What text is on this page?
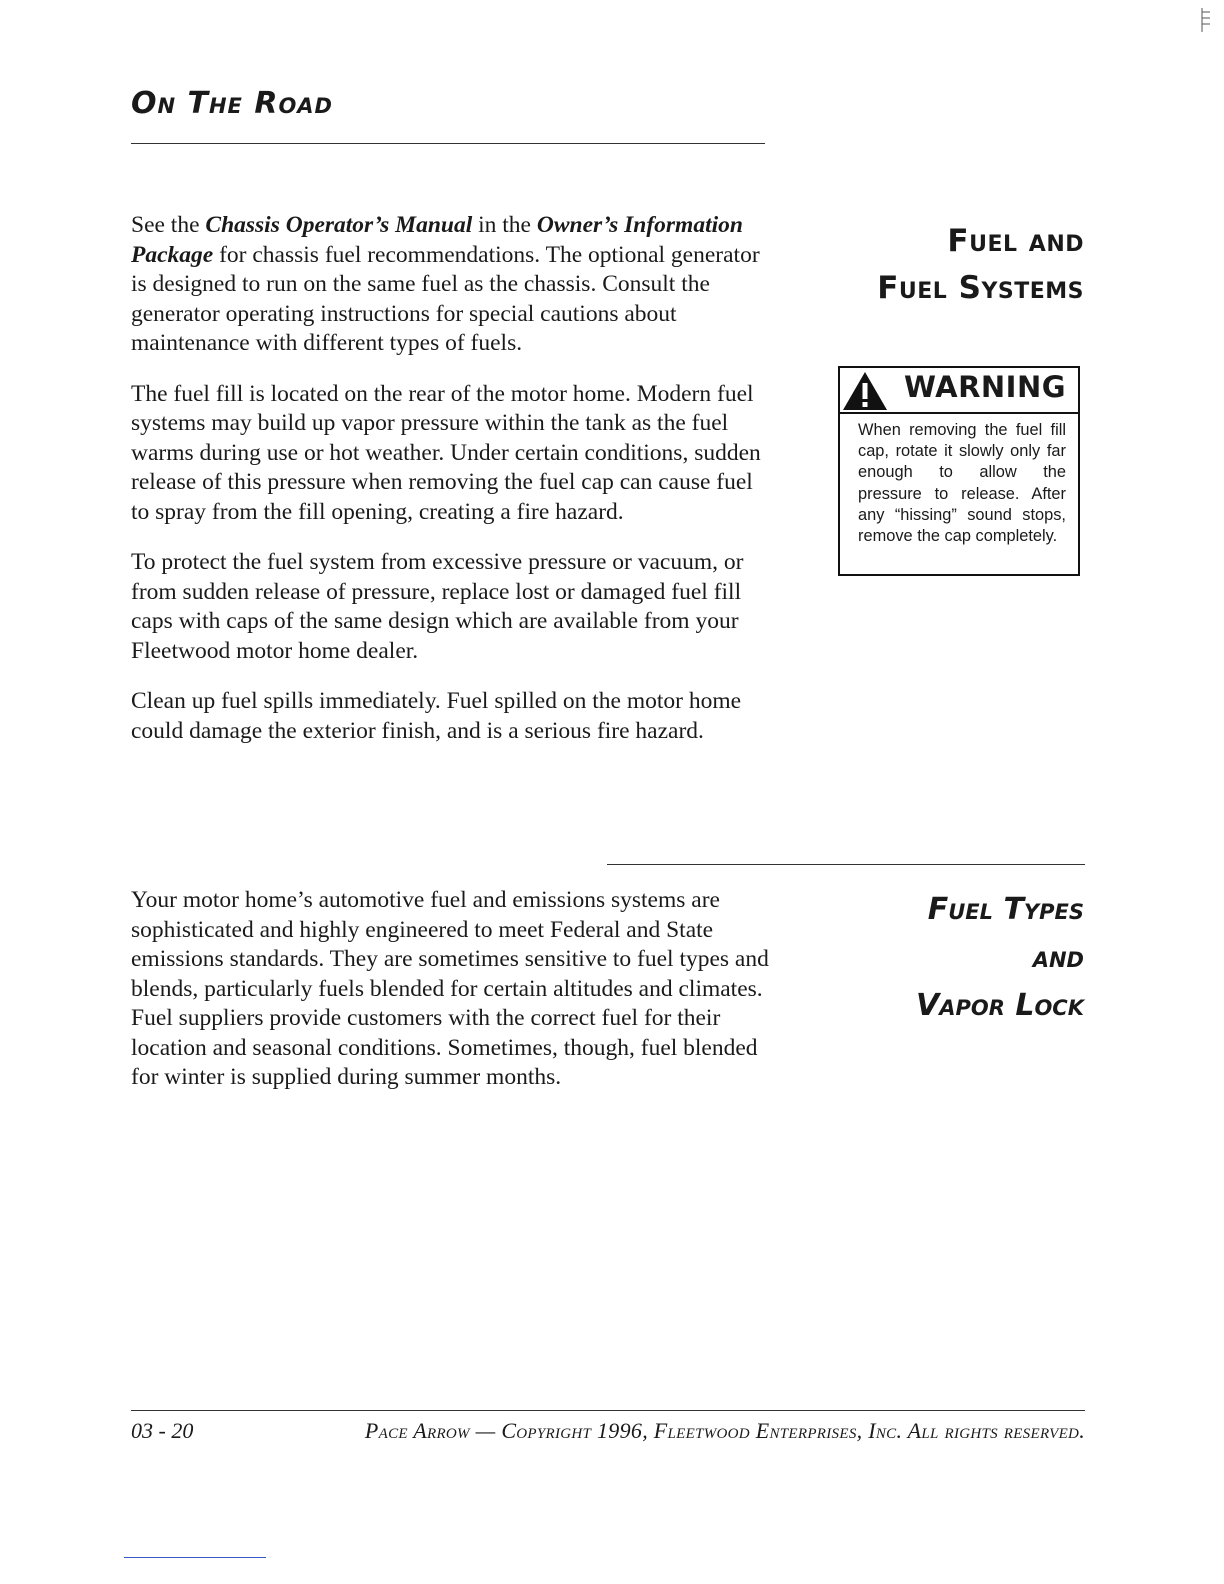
On The Road

See the Chassis Operator’s Manual in the Owner’s Information Package for chassis fuel recommendations. The optional generator is designed to run on the same fuel as the chassis. Consult the generator operating instructions for special cautions about maintenance with different types of fuels.

The fuel fill is located on the rear of the motor home. Modern fuel systems may build up vapor pressure within the tank as the fuel warms during use or hot weather. Under certain conditions, sudden release of this pressure when removing the fuel cap can cause fuel to spray from the fill opening, creating a fire hazard.

To protect the fuel system from excessive pressure or vacuum, or from sudden release of pressure, replace lost or damaged fuel fill caps with caps of the same design which are available from your Fleetwood motor home dealer.

Clean up fuel spills immediately. Fuel spilled on the motor home could damage the exterior finish, and is a serious fire hazard.

Fuel and
Fuel Systems
WARNING
When removing the fuel fill cap, rotate it slowly only far enough to allow the pressure to release. After any “hissing” sound stops, remove the cap completely.

Your motor home’s automotive fuel and emissions systems are sophisticated and highly engineered to meet Federal and State emissions standards. They are sometimes sensitive to fuel types and blends, particularly fuels blended for certain altitudes and climates. Fuel suppliers provide customers with the correct fuel for their location and seasonal conditions. Sometimes, though, fuel blended for winter is supplied during summer months.

Fuel Types
and
Vapor Lock
03 - 20	Pace Arrow — Copyright 1996, Fleetwood Enterprises, Inc. All rights reserved.
